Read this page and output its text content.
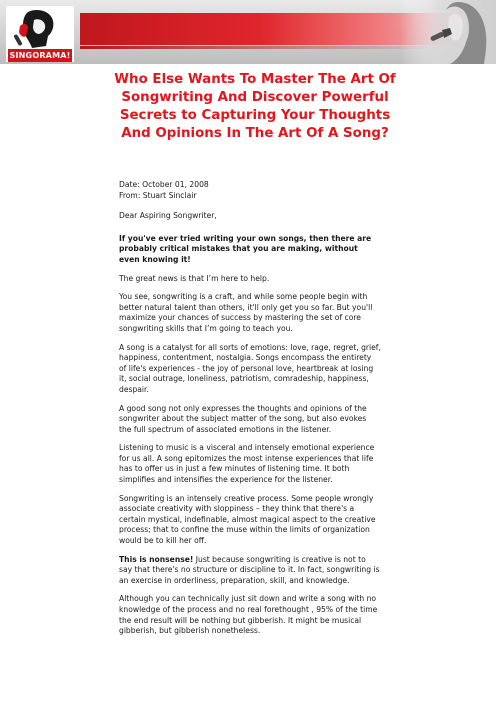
SINGORAMA!
Who Else Wants To Master The Art Of Songwriting And Discover Powerful Secrets to Capturing Your Thoughts And Opinions In The Art Of A Song?
Date: October 01, 2008
From: Stuart Sinclair

Dear Aspiring Songwriter,

If you've ever tried writing your own songs, then there are probably critical mistakes that you are making, without even knowing it!

The great news is that I’m here to help.

You see, songwriting is a craft, and while some people begin with better natural talent than others, it'll only get you so far. But you'll maximize your chances of success by mastering the set of core songwriting skills that I’m going to teach you.

A song is a catalyst for all sorts of emotions: love, rage, regret, grief, happiness, contentment, nostalgia. Songs encompass the entirety of life's experiences - the joy of personal love, heartbreak at losing it, social outrage, loneliness, patriotism, comradeship, happiness, despair.

A good song not only expresses the thoughts and opinions of the songwriter about the subject matter of the song, but also evokes the full spectrum of associated emotions in the listener.

Listening to music is a visceral and intensely emotional experience for us all. A song epitomizes the most intense experiences that life has to offer us in just a few minutes of listening time. It both simplifies and intensifies the experience for the listener.

Songwriting is an intensely creative process. Some people wrongly associate creativity with sloppiness – they think that there's a certain mystical, indefinable, almost magical aspect to the creative process; that to confine the muse within the limits of organization would be to kill her off.

This is nonsense! Just because songwriting is creative is not to say that there's no structure or discipline to it. In fact, songwriting is an exercise in orderliness, preparation, skill, and knowledge.

Although you can technically just sit down and write a song with no knowledge of the process and no real forethought , 95% of the time the end result will be nothing but gibberish. It might be musical gibberish, but gibberish nonetheless.
